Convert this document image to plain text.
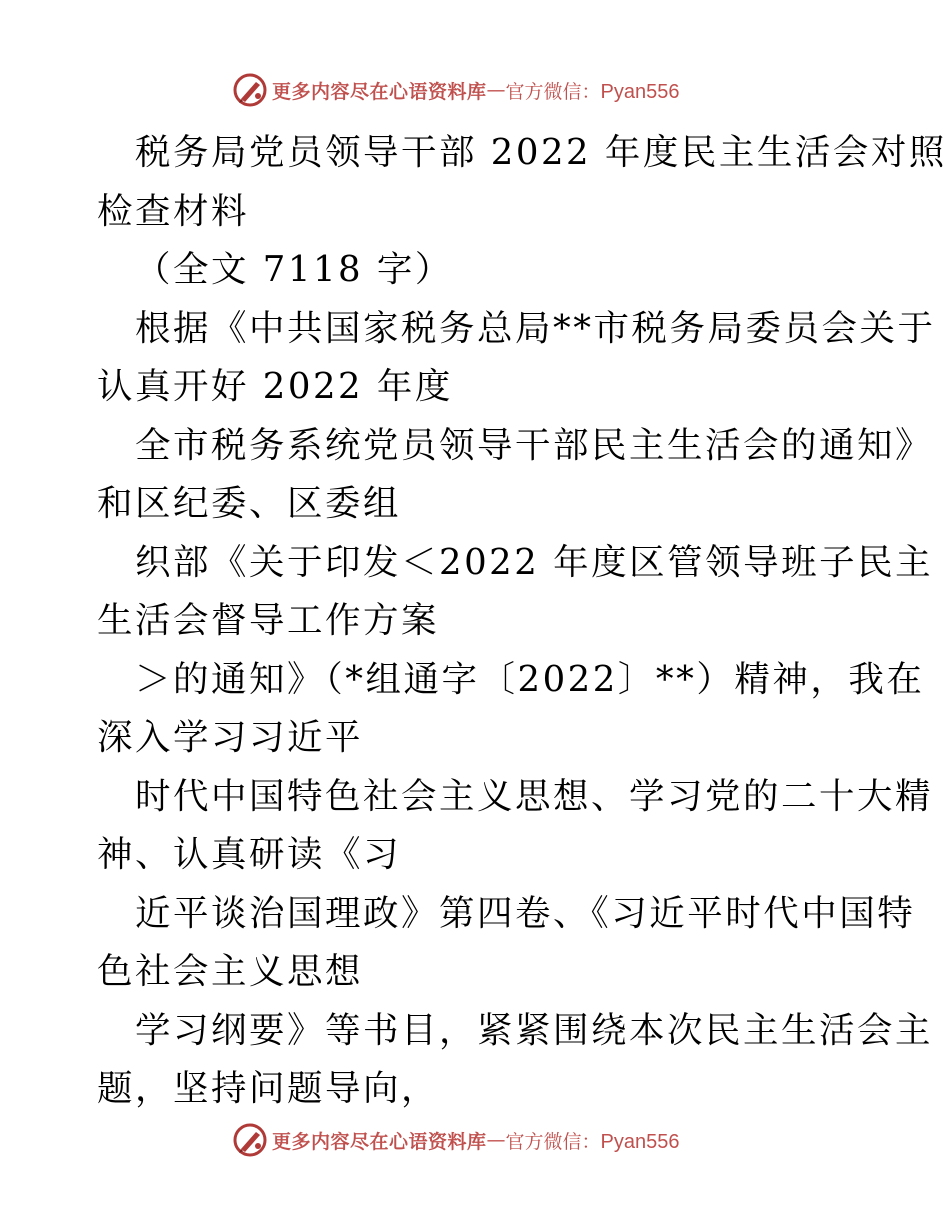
更多内容尽在心语资料库 — 官方微信：Pyan556

税务局党员领导干部 2022 年度民主生活会对照
检查材料

（全文 7118 字）

根据《中共国家税务总局**市税务局委员会关于
认真开好 2022 年度

全市税务系统党员领导干部民主生活会的通知》
和区纪委、区委组

织部《关于印发＜2022 年度区管领导班子民主
生活会督导工作方案

＞的通知》（*组通字〔2022〕**）精神，我在
深入学习习近平

时代中国特色社会主义思想、学习党的二十大精
神、认真研读《习

近平谈治国理政》第四卷、《习近平时代中国特
色社会主义思想

学习纲要》等书目，紧紧围绕本次民主生活会主
题，坚持问题导向，

更多内容尽在心语资料库 — 官方微信：Pyan556
